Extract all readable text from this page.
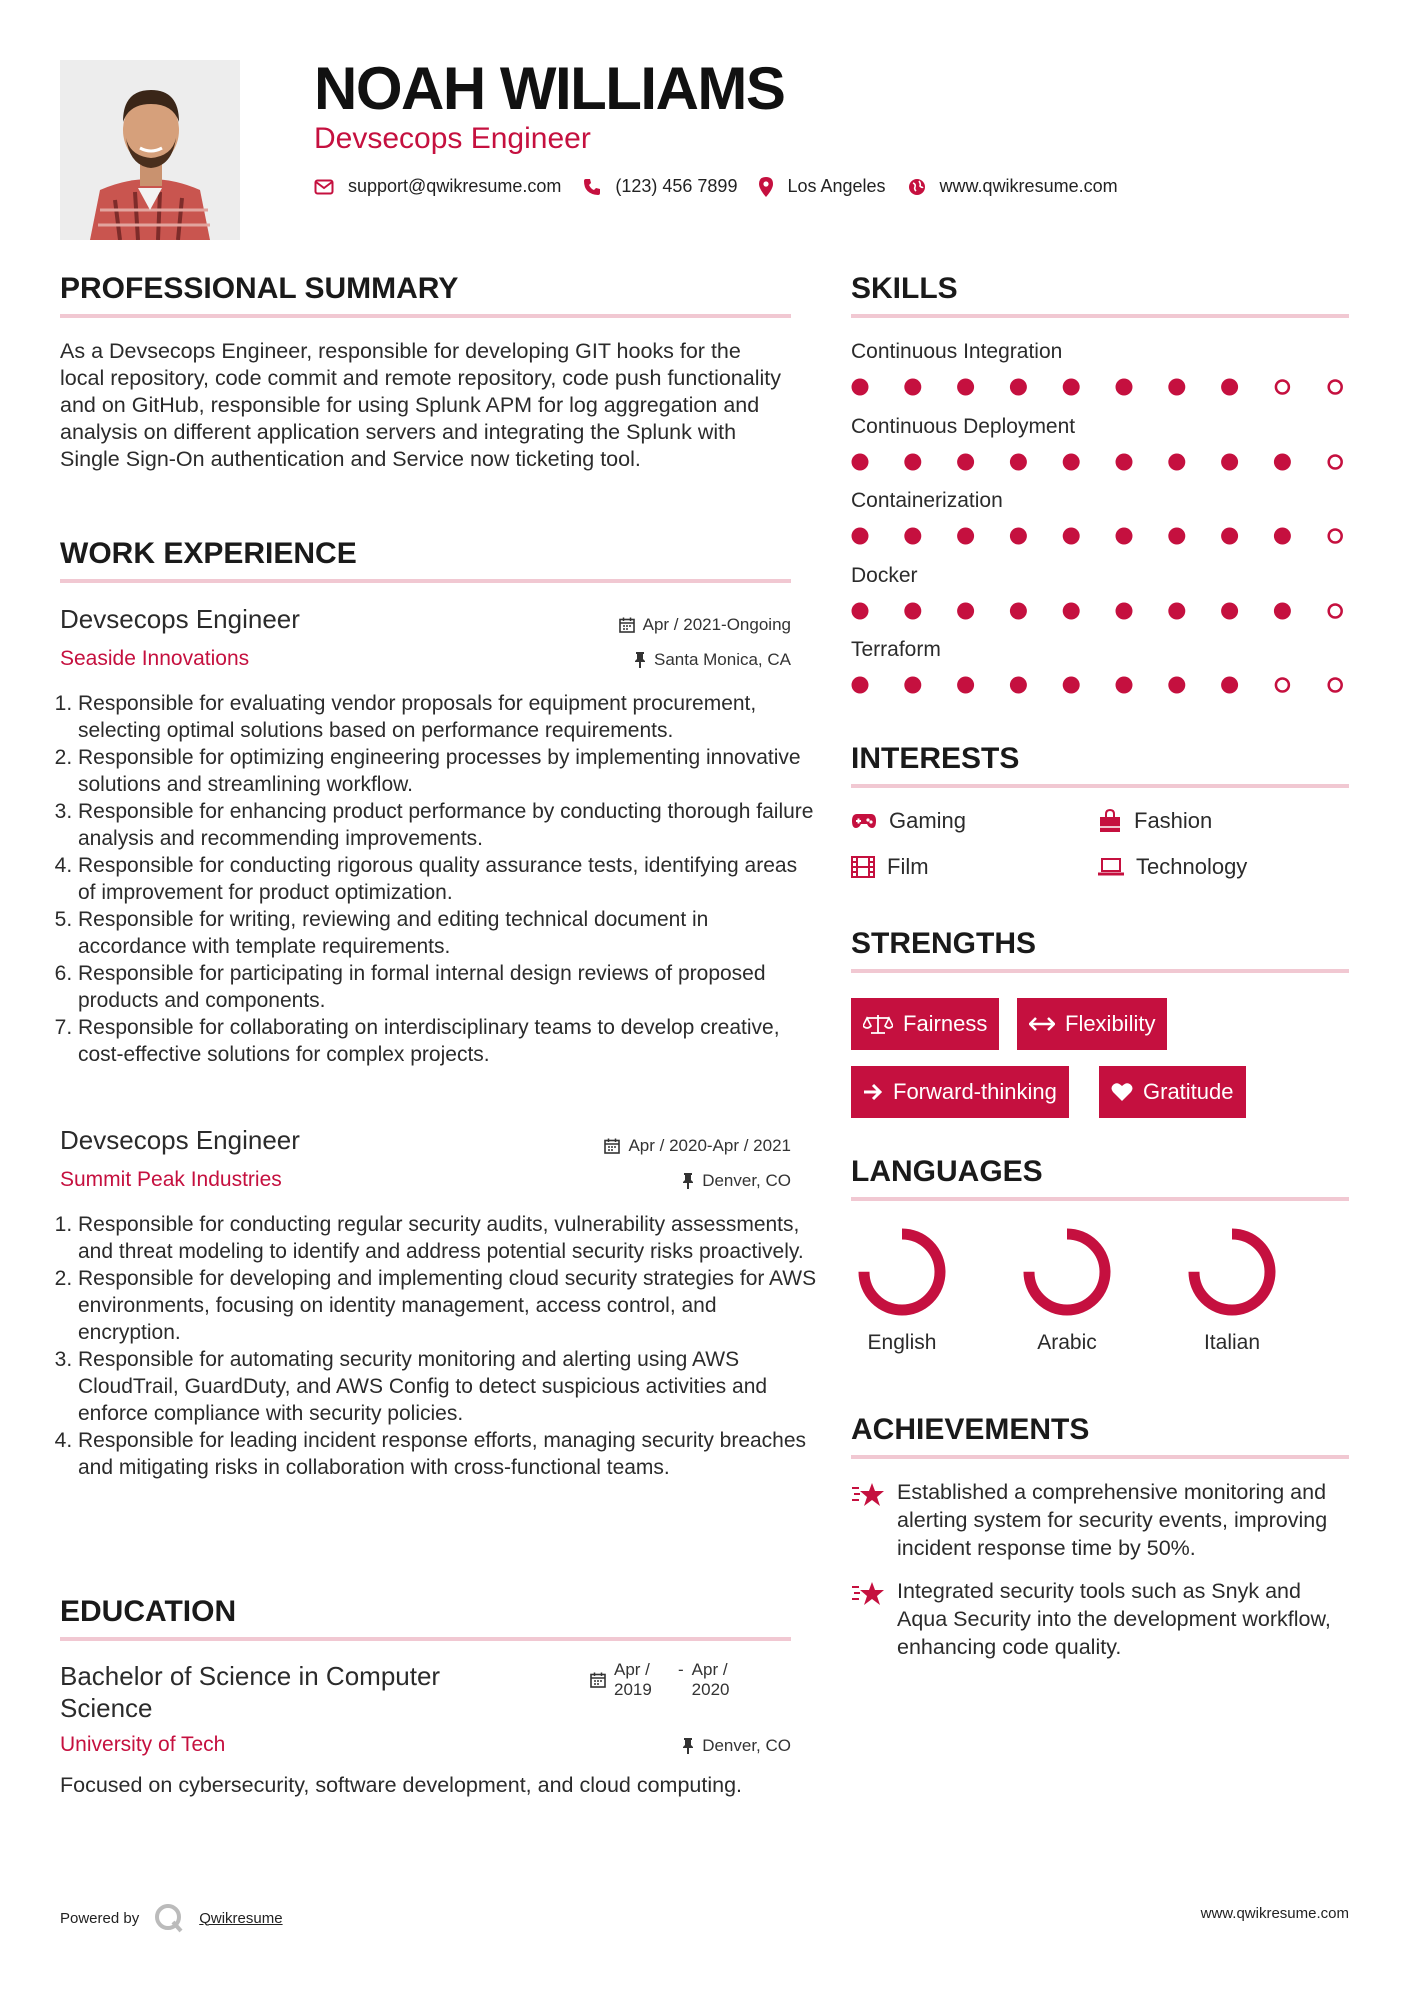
NOAH WILLIAMS
Devsecops Engineer
support@qwikresume.com	(123) 456 7899	Los Angeles	www.qwikresume.com
PROFESSIONAL SUMMARY

As a Devsecops Engineer, responsible for developing GIT hooks for the local repository, code commit and remote repository, code push functionality and on GitHub, responsible for using Splunk APM for log aggregation and analysis on different application servers and integrating the Splunk with Single Sign-On authentication and Service now ticketing tool.

WORK EXPERIENCE
Devsecops Engineer	Apr / 2021-Ongoing
Seaside Innovations	Santa Monica, CA
1. Responsible for evaluating vendor proposals for equipment procurement, selecting optimal solutions based on performance requirements.
2. Responsible for optimizing engineering processes by implementing innovative solutions and streamlining workflow.
3. Responsible for enhancing product performance by conducting thorough failure analysis and recommending improvements.
4. Responsible for conducting rigorous quality assurance tests, identifying areas of improvement for product optimization.
5. Responsible for writing, reviewing and editing technical document in accordance with template requirements.
6. Responsible for participating in formal internal design reviews of proposed products and components.
7. Responsible for collaborating on interdisciplinary teams to develop creative, cost-effective solutions for complex projects.
Devsecops Engineer	Apr / 2020-Apr / 2021
Summit Peak Industries	Denver, CO
1. Responsible for conducting regular security audits, vulnerability assessments, and threat modeling to identify and address potential security risks proactively.
2. Responsible for developing and implementing cloud security strategies for AWS environments, focusing on identity management, access control, and encryption.
3. Responsible for automating security monitoring and alerting using AWS CloudTrail, GuardDuty, and AWS Config to detect suspicious activities and enforce compliance with security policies.
4. Responsible for leading incident response efforts, managing security breaches and mitigating risks in collaboration with cross-functional teams.
EDUCATION
Bachelor of Science in Computer Science
Apr / 2019
- Apr / 2020
University of Tech	Denver, CO

Focused on cybersecurity, software development, and cloud computing.

SKILLS
Continuous Integration
Continuous Deployment
Containerization
Docker
Terraform
INTERESTS
Gaming	Fashion
Film	Technology
STRENGTHS
Fairness	Flexibility
Forward-thinking	Gratitude
LANGUAGES
English	Arabic	Italian
ACHIEVEMENTS

Established a comprehensive monitoring and alerting system for security events, improving incident response time by 50%.

Integrated security tools such as Snyk and Aqua Security into the development workflow, enhancing code quality.

Powered by	Qwikresume	www.qwikresume.com
